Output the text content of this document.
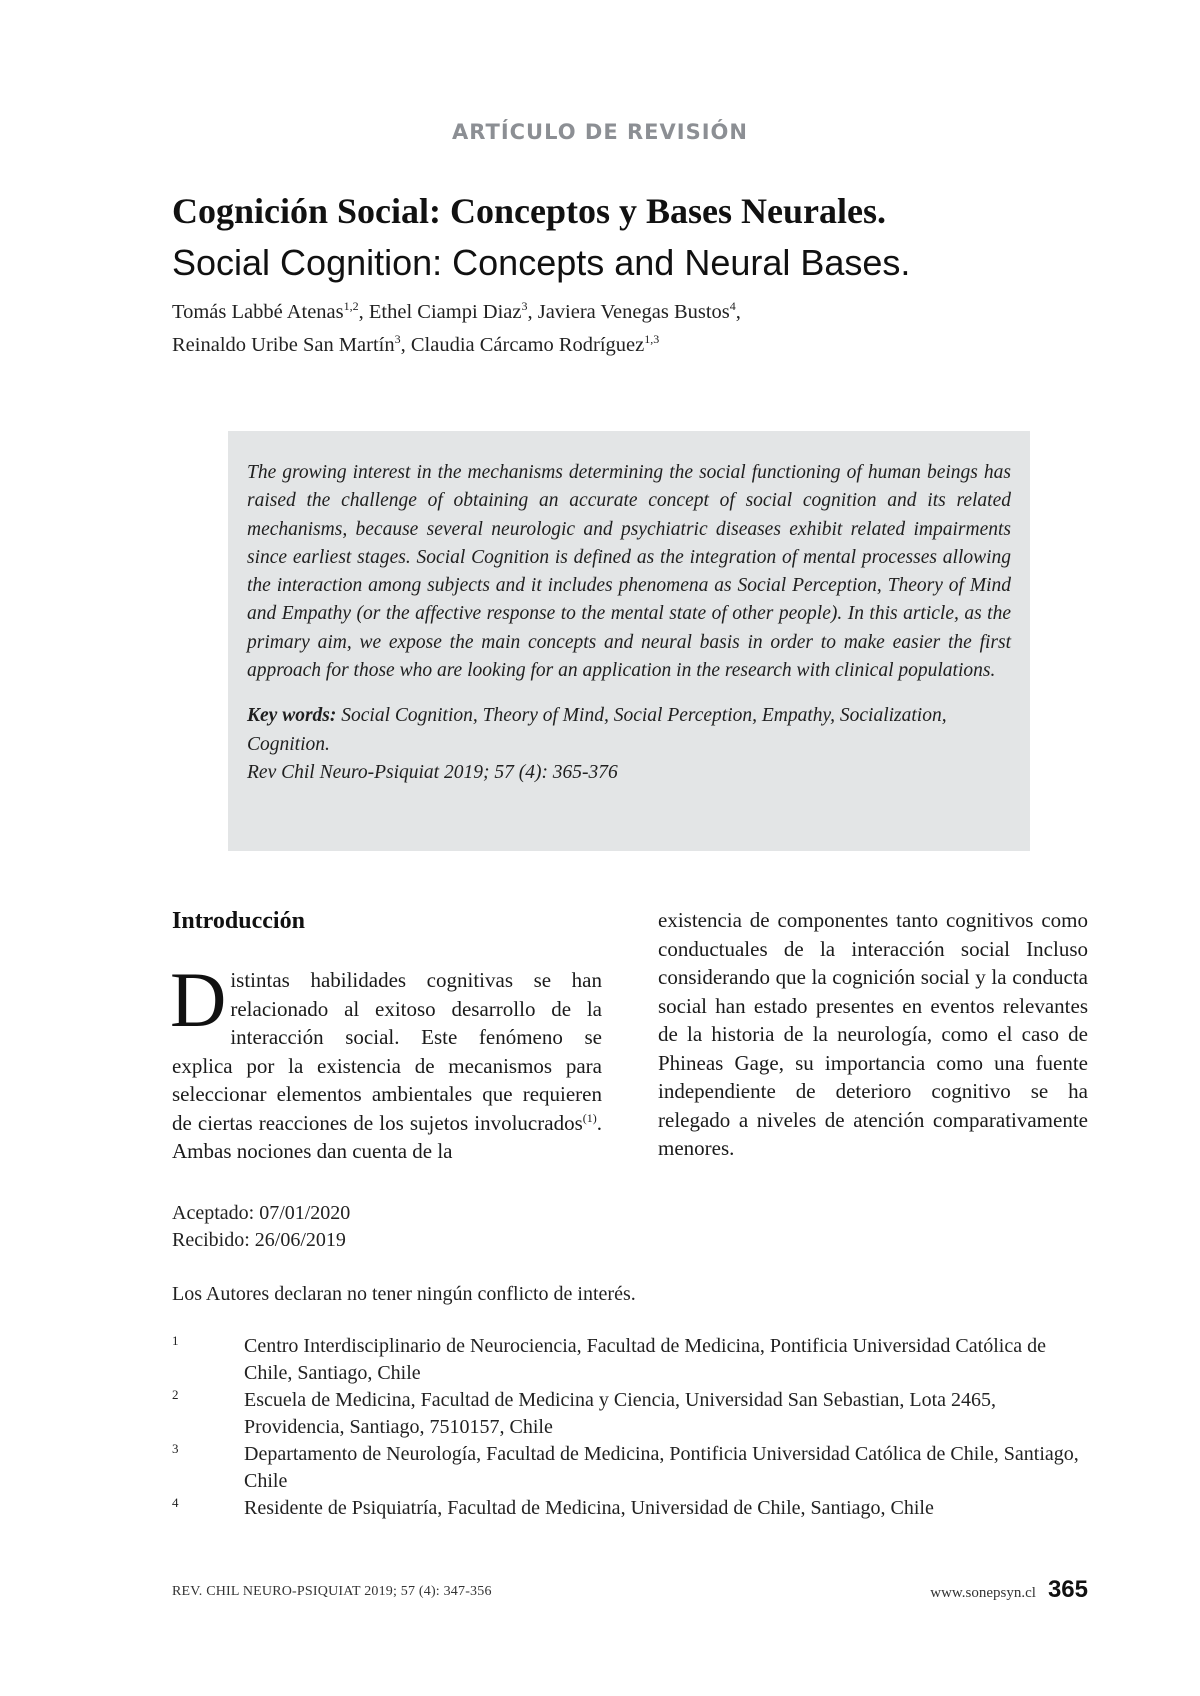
ARTÍCULO DE REVISIÓN
Cognición Social: Conceptos y Bases Neurales.
Social Cognition: Concepts and Neural Bases.
Tomás Labbé Atenas$^{1,2}$, Ethel Ciampi Diaz$^3$, Javiera Venegas Bustos$^4$,
Reinaldo Uribe San Martín$^3$, Claudia Cárcamo Rodríguez$^{1,3}$

The growing interest in the mechanisms determining the social functioning of human beings has raised the challenge of obtaining an accurate concept of social cognition and its related mechanisms, because several neurologic and psychiatric diseases exhibit related impairments since earliest stages. Social Cognition is defined as the integration of mental processes allowing the interaction among subjects and it includes phenomena as Social Perception, Theory of Mind and Empathy (or the affective response to the mental state of other people). In this article, as the primary aim, we expose the main concepts and neural basis in order to make easier the first approach for those who are looking for an application in the research with clinical populations.

Key words: Social Cognition, Theory of Mind, Social Perception, Empathy, Socialization, Cognition.
Rev Chil Neuro-Psiquiat 2019; 57 (4): 365-376
Introducción

Distintas habilidades cognitivas se han relacionado al exitoso desarrollo de la interacción social. Este fenómeno se explica por la existencia de mecanismos para seleccionar elementos ambientales que requieren de ciertas reacciones de los sujetos involucrados$^{(1)}$. Ambas nociones dan cuenta de la

existencia de componentes tanto cognitivos como conductuales de la interacción social Incluso considerando que la cognición social y la conducta social han estado presentes en eventos relevantes de la historia de la neurología, como el caso de Phineas Gage, su importancia como una fuente independiente de deterioro cognitivo se ha relegado a niveles de atención comparativamente menores.

Aceptado: 07/01/2020
Recibido: 26/06/2019
Los Autores declaran no tener ningún conflicto de interés.
1	Centro Interdisciplinario de Neurociencia, Facultad de Medicina, Pontificia Universidad Católica de Chile, Santiago, Chile
2	Escuela de Medicina, Facultad de Medicina y Ciencia, Universidad San Sebastian, Lota 2465, Providencia, Santiago, 7510157, Chile
3	Departamento de Neurología, Facultad de Medicina, Pontificia Universidad Católica de Chile, Santiago, Chile
4	Residente de Psiquiatría, Facultad de Medicina, Universidad de Chile, Santiago, Chile
REV. CHIL NEURO-PSIQUIAT 2019; 57 (4): 347-356	www.sonepsyn.cl 365
